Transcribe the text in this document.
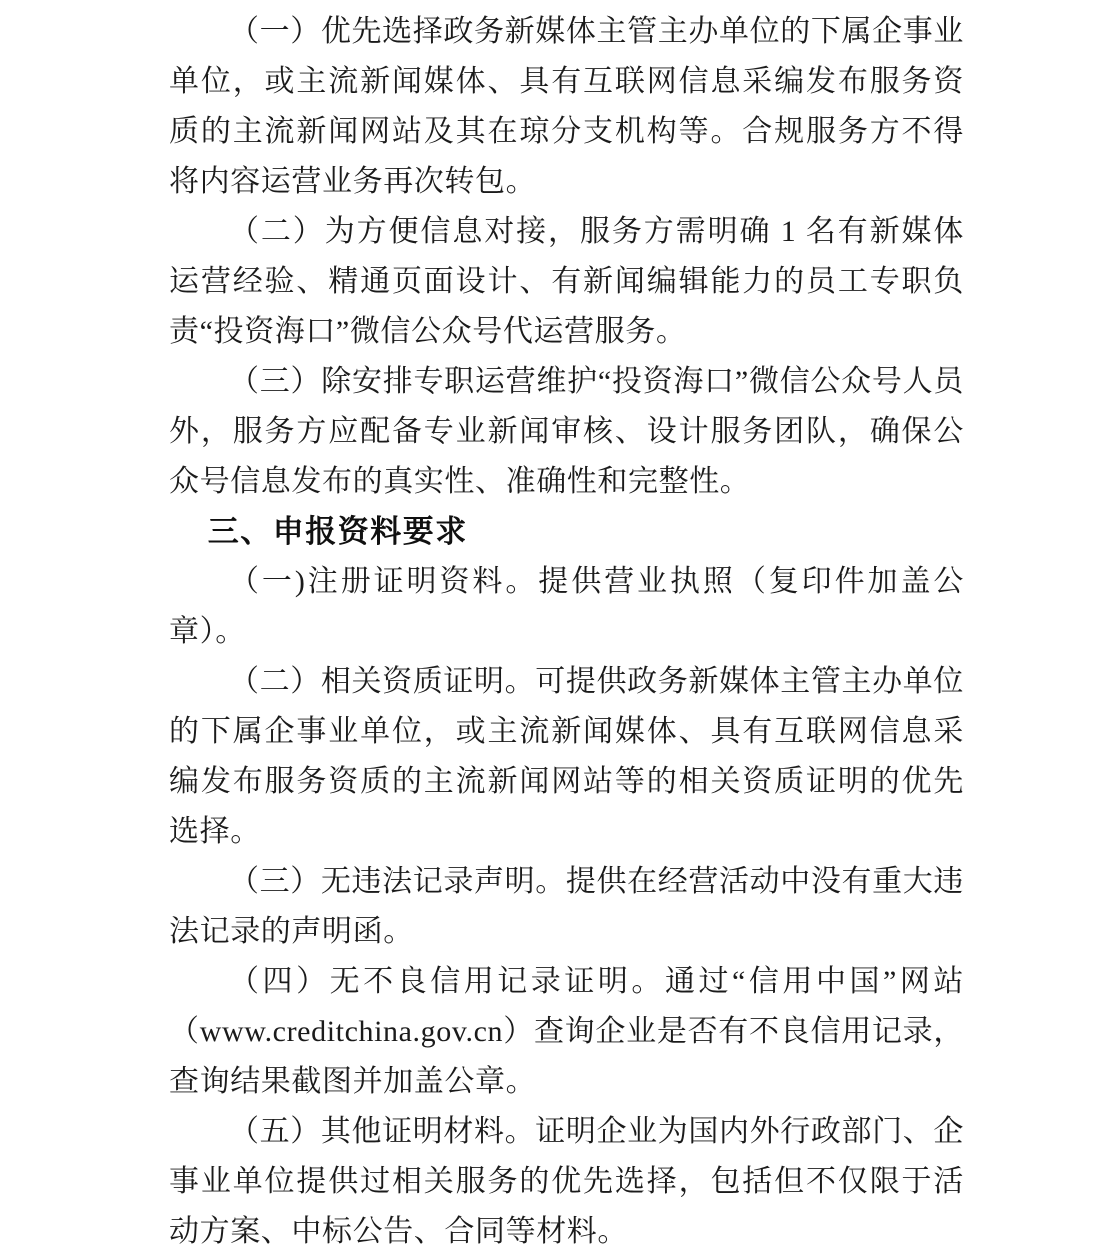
（一）优先选择政务新媒体主管主办单位的下属企事业单位，或主流新闻媒体、具有互联网信息采编发布服务资质的主流新闻网站及其在琼分支机构等。合规服务方不得将内容运营业务再次转包。

（二）为方便信息对接，服务方需明确 1 名有新媒体运营经验、精通页面设计、有新闻编辑能力的员工专职负责“投资海口”微信公众号代运营服务。

（三）除安排专职运营维护“投资海口”微信公众号人员外，服务方应配备专业新闻审核、设计服务团队，确保公众号信息发布的真实性、准确性和完整性。

三、申报资料要求

（一)注册证明资料。提供营业执照（复印件加盖公章）。

（二）相关资质证明。可提供政务新媒体主管主办单位的下属企事业单位，或主流新闻媒体、具有互联网信息采编发布服务资质的主流新闻网站等的相关资质证明的优先选择。

（三）无违法记录声明。提供在经营活动中没有重大违法记录的声明函。

（四）无不良信用记录证明。通过“信用中国”网站（www.creditchina.gov.cn）查询企业是否有不良信用记录，查询结果截图并加盖公章。

（五）其他证明材料。证明企业为国内外行政部门、企事业单位提供过相关服务的优先选择，包括但不仅限于活动方案、中标公告、合同等材料。
